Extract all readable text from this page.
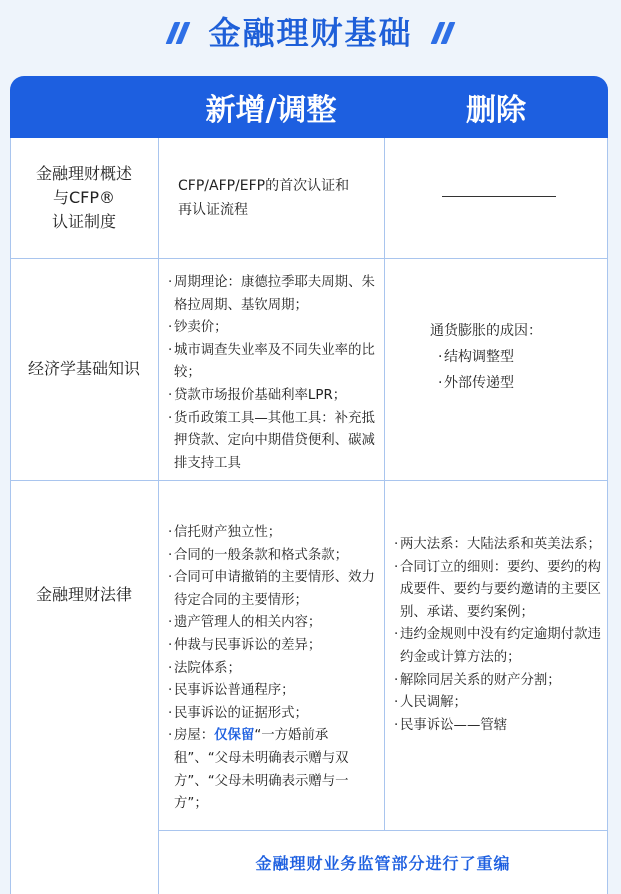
金融理财基础
新增/调整	删除
金融理财概述
与CFP®
认证制度
CFP/AFP/EFP的首次认证和
再认证流程
经济学基础知识
· 周期理论：康德拉季耶夫周期、朱格拉周期、基钦周期；
· 钞卖价；
· 城市调查失业率及不同失业率的比较；
· 贷款市场报价基础利率LPR；
· 货币政策工具—其他工具：补充抵押贷款、定向中期借贷便利、碳减排支持工具
通货膨胀的成因：
· 结构调整型
· 外部传递型
金融理财法律
· 信托财产独立性；
· 合同的一般条款和格式条款；
· 合同可申请撤销的主要情形、效力待定合同的主要情形；
· 遗产管理人的相关内容；
· 仲裁与民事诉讼的差异；
· 法院体系；
· 民事诉讼普通程序；
· 民事诉讼的证据形式；
· 房屋：仅保留“一方婚前承租”、“父母未明确表示赠与双方”、“父母未明确表示赠与一方”；
· 两大法系：大陆法系和英美法系；
· 合同订立的细则：要约、要约的构成要件、要约与要约邀请的主要区别、承诺、要约案例；
· 违约金规则中没有约定逾期付款违约金或计算方法的；
· 解除同居关系的财产分割；
· 人民调解；
· 民事诉讼——管辖
金融理财业务监管部分进行了重编
